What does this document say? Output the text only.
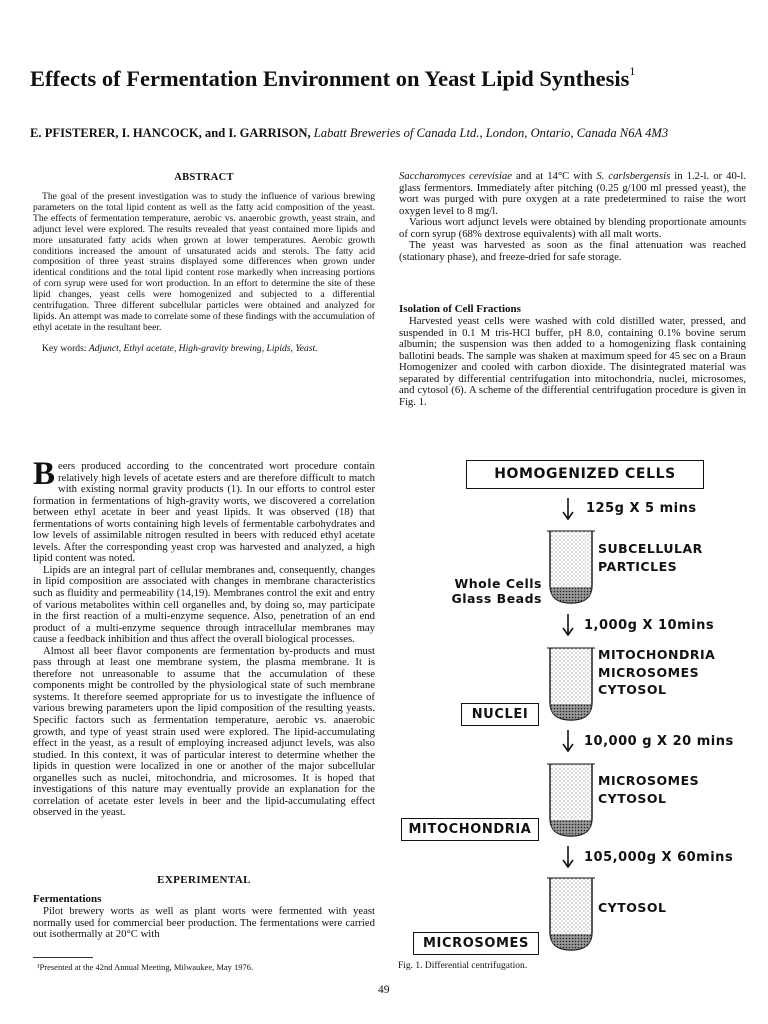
Effects of Fermentation Environment on Yeast Lipid Synthesis$^1$
E. PFISTERER, I. HANCOCK, and I. GARRISON, Labatt Breweries of Canada Ltd., London, Ontario, Canada N6A 4M3
ABSTRACT

The goal of the present investigation was to study the influence of various brewing parameters on the total lipid content as well as the fatty acid composition of the yeast. The effects of fermentation temperature, aerobic vs. anaerobic growth, yeast strain, and adjunct level were explored. The results revealed that yeast contained more lipids and more unsaturated fatty acids when grown at lower temperatures. Aerobic growth conditions increased the amount of unsaturated acids and sterols. The fatty acid composition of three yeast strains displayed some differences when grown under identical conditions and the total lipid content rose markedly when increasing portions of corn syrup were used for wort production. In an effort to determine the site of these lipid changes, yeast cells were homogenized and subjected to a differential centrifugation. Three different subcellular particles were obtained and analyzed for lipids. An attempt was made to correlate some of these findings with the accumulation of ethyl acetate in the resultant beer.

Key words: Adjunct, Ethyl acetate, High-gravity brewing, Lipids, Yeast.

Beers produced according to the concentrated wort procedure contain relatively high levels of acetate esters and are therefore difficult to match with existing normal gravity products (1). In our efforts to control ester formation in fermentations of high-gravity worts, we discovered a correlation between ethyl acetate in beer and yeast lipids. It was observed (18) that fermentations of worts containing high levels of fermentable carbohydrates and low levels of assimilable nitrogen resulted in beers with reduced ethyl acetate levels. After the corresponding yeast crop was harvested and analyzed, a high lipid content was noted.

Lipids are an integral part of cellular membranes and, consequently, changes in lipid composition are associated with changes in membrane characteristics such as fluidity and permeability (14,19). Membranes control the exit and entry of various metabolites within cell organelles and, by doing so, may participate in the first reaction of a multi-enzyme sequence. Also, penetration of an end product of a multi-enzyme sequence through intracellular membranes may cause a feedback inhibition and thus affect the overall biological processes.

Almost all beer flavor components are fermentation by-products and must pass through at least one membrane system, the plasma membrane. It is therefore not unreasonable to assume that the accumulation of these components might be controlled by the physiological state of such membrane systems. It therefore seemed appropriate for us to investigate the influence of various brewing parameters upon the lipid composition of the resulting yeasts. Specific factors such as fermentation temperature, aerobic vs. anaerobic growth, and type of yeast strain used were explored. The lipid-accumulating effect in the yeast, as a result of employing increased adjunct levels, was also studied. In this context, it was of particular interest to determine whether the lipids in question were localized in one or another of the major subcellular organelles such as nuclei, mitochondria, and microsomes. It is hoped that investigations of this nature may eventually provide an explanation for the correlation of acetate ester levels in beer and the lipid-accumulating effect observed in the yeast.

EXPERIMENTAL
Fermentations

Pilot brewery worts as well as plant worts were fermented with yeast normally used for commercial beer production. The fermentations were carried out isothermally at 20°C with

¹Presented at the 42nd Annual Meeting, Milwaukee, May 1976.

Saccharomyces cerevisiae and at 14°C with S. carlsbergensis in 1.2-l. or 40-l. glass fermentors. Immediately after pitching (0.25 g/100 ml pressed yeast), the wort was purged with pure oxygen at a rate predetermined to raise the wort oxygen level to 8 mg/l.

Various wort adjunct levels were obtained by blending proportionate amounts of corn syrup (68% dextrose equivalents) with all malt worts.

The yeast was harvested as soon as the final attenuation was reached (stationary phase), and freeze-dried for safe storage.

Isolation of Cell Fractions

Harvested yeast cells were washed with cold distilled water, pressed, and suspended in 0.1 M tris-HCl buffer, pH 8.0, containing 0.1% bovine serum albumin; the suspension was then added to a homogenizing flask containing ballotini beads. The sample was shaken at maximum speed for 45 sec on a Braun Homogenizer and cooled with carbon dioxide. The disintegrated material was separated by differential centrifugation into mitochondria, nuclei, microsomes, and cytosol (6). A scheme of the differential centrifugation procedure is given in Fig. 1.

HOMOGENIZED CELLS
125g X 5 mins
SUBCELLULAR
PARTICLES
Whole Cells
Glass Beads
1,000g X 10mins
MITOCHONDRIA
MICROSOMES
CYTOSOL
NUCLEI
10,000 g X 20 mins
MICROSOMES
CYTOSOL
MITOCHONDRIA
105,000g X 60mins
CYTOSOL
MICROSOMES
Fig. 1. Differential centrifugation.
49
